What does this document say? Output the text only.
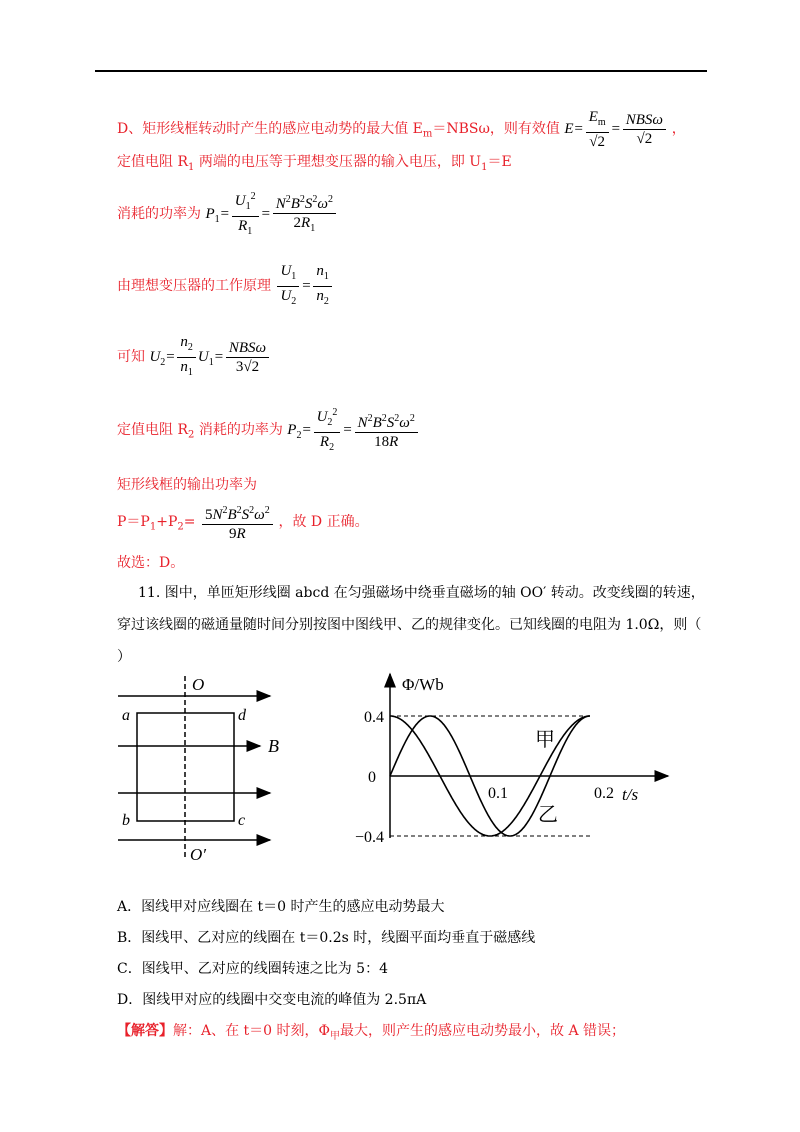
D、矩形线框转动时产生的感应电动势的最大值 $E_m=NBS\omega$，则有效值 $E= \frac{E_m}{√2} = \frac{\text{NBSω}}{√2}$ ，
定值电阻 $R_1$ 两端的电压等于理想变压器的输入电压，即 $U_1=E$
消耗的功率为 $P_1= \frac{U_1^2}{R_1} = \frac{N^2B^2S^2\omega^2}{2R_1}$
由理想变压器的工作原理 $\frac{U_1}{U_2} = \frac{n_1}{n_2}$
可知 $U_2= \frac{n_2}{n_1} U_1= \frac{\text{NBSω}}{3√2}$
定值电阻 $R_2$ 消耗的功率为 $P_2= \frac{U_2^2}{R_2} = \frac{N^2B^2S^2\omega^2}{18R}$
矩形线框的输出功率为
$P=P_1+P_2= \frac{5N^2B^2S^2\omega^2}{9R}$ ，故 D 正确。
故选：D。
11. 图中，单匝矩形线圈 abcd 在匀强磁场中绕垂直磁场的轴 OO′ 转动。改变线圈的转速，
穿过该线圈的磁通量随时间分别按图中图线甲、乙的规律变化。已知线圈的电阻为 1.0Ω，则（
）
O
O′
a	d
b	c
B
Φ/Wb
t/s
0.4
0
−0.4
0.1	0.2
甲
乙
A．图线甲对应线圈在 t＝0 时产生的感应电动势最大
B．图线甲、乙对应的线圈在 t＝0.2s 时，线圈平面均垂直于磁感线
C．图线甲、乙对应的线圈转速之比为 5：4
D．图线甲对应的线圈中交变电流的峰值为 2.5πA
【解答】解：A、在 t＝0 时刻，$\Phi_甲$最大，则产生的感应电动势最小，故 A 错误；
